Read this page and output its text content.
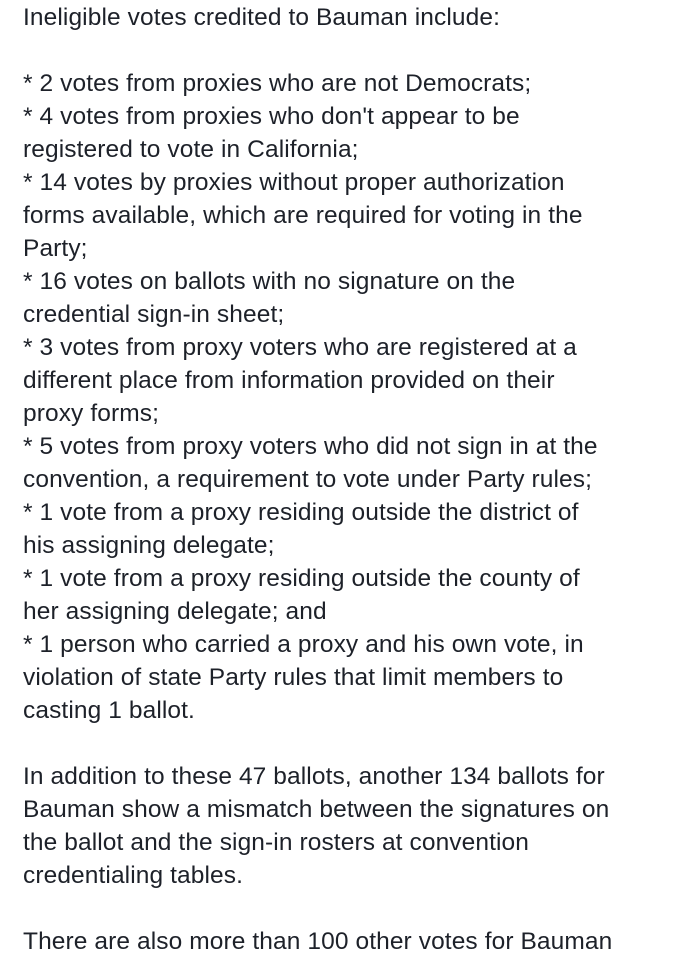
Ineligible votes credited to Bauman include:
* 2 votes from proxies who are not Democrats;
* 4 votes from proxies who don't appear to be
registered to vote in California;
* 14 votes by proxies without proper authorization
forms available, which are required for voting in the
Party;
* 16 votes on ballots with no signature on the
credential sign-in sheet;
* 3 votes from proxy voters who are registered at a
different place from information provided on their
proxy forms;
* 5 votes from proxy voters who did not sign in at the
convention, a requirement to vote under Party rules;
* 1 vote from a proxy residing outside the district of
his assigning delegate;
* 1 vote from a proxy residing outside the county of
her assigning delegate; and
* 1 person who carried a proxy and his own vote, in
violation of state Party rules that limit members to
casting 1 ballot.
In addition to these 47 ballots, another 134 ballots for
Bauman show a mismatch between the signatures on
the ballot and the sign-in rosters at convention
credentialing tables.
There are also more than 100 other votes for Bauman
